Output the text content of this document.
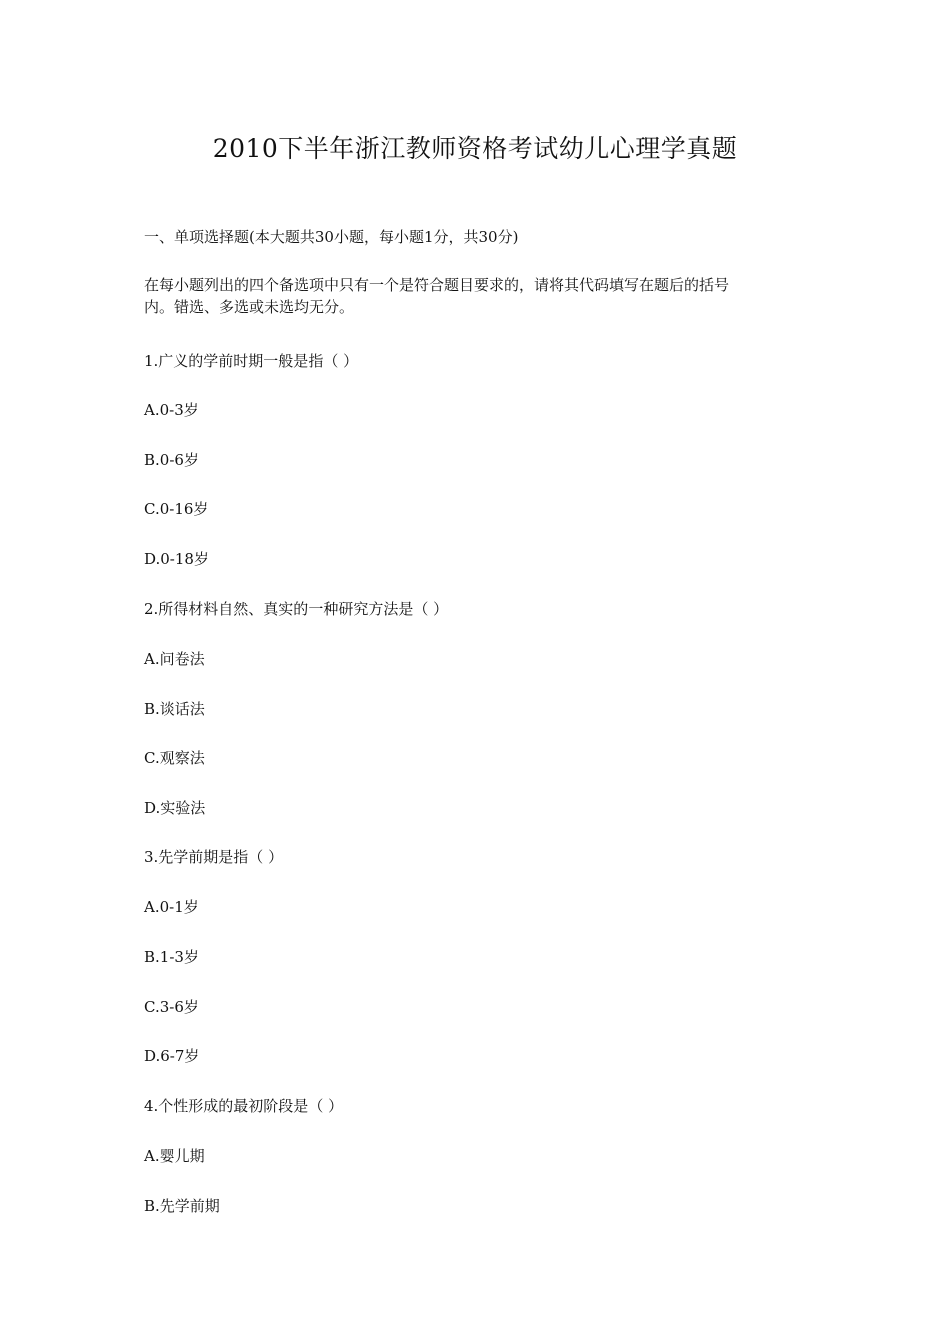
2010下半年浙江教师资格考试幼儿心理学真题
一、单项选择题(本大题共30小题，每小题1分，共30分)
在每小题列出的四个备选项中只有一个是符合题目要求的，请将其代码填写在题后的括号
内。错选、多选或未选均无分。
1.广义的学前时期一般是指（ ）
A.0-3岁
B.0-6岁
C.0-16岁
D.0-18岁
2.所得材料自然、真实的一种研究方法是（ ）
A.问卷法
B.谈话法
C.观察法
D.实验法
3.先学前期是指（ ）
A.0-1岁
B.1-3岁
C.3-6岁
D.6-7岁
4.个性形成的最初阶段是（ ）
A.婴儿期
B.先学前期
